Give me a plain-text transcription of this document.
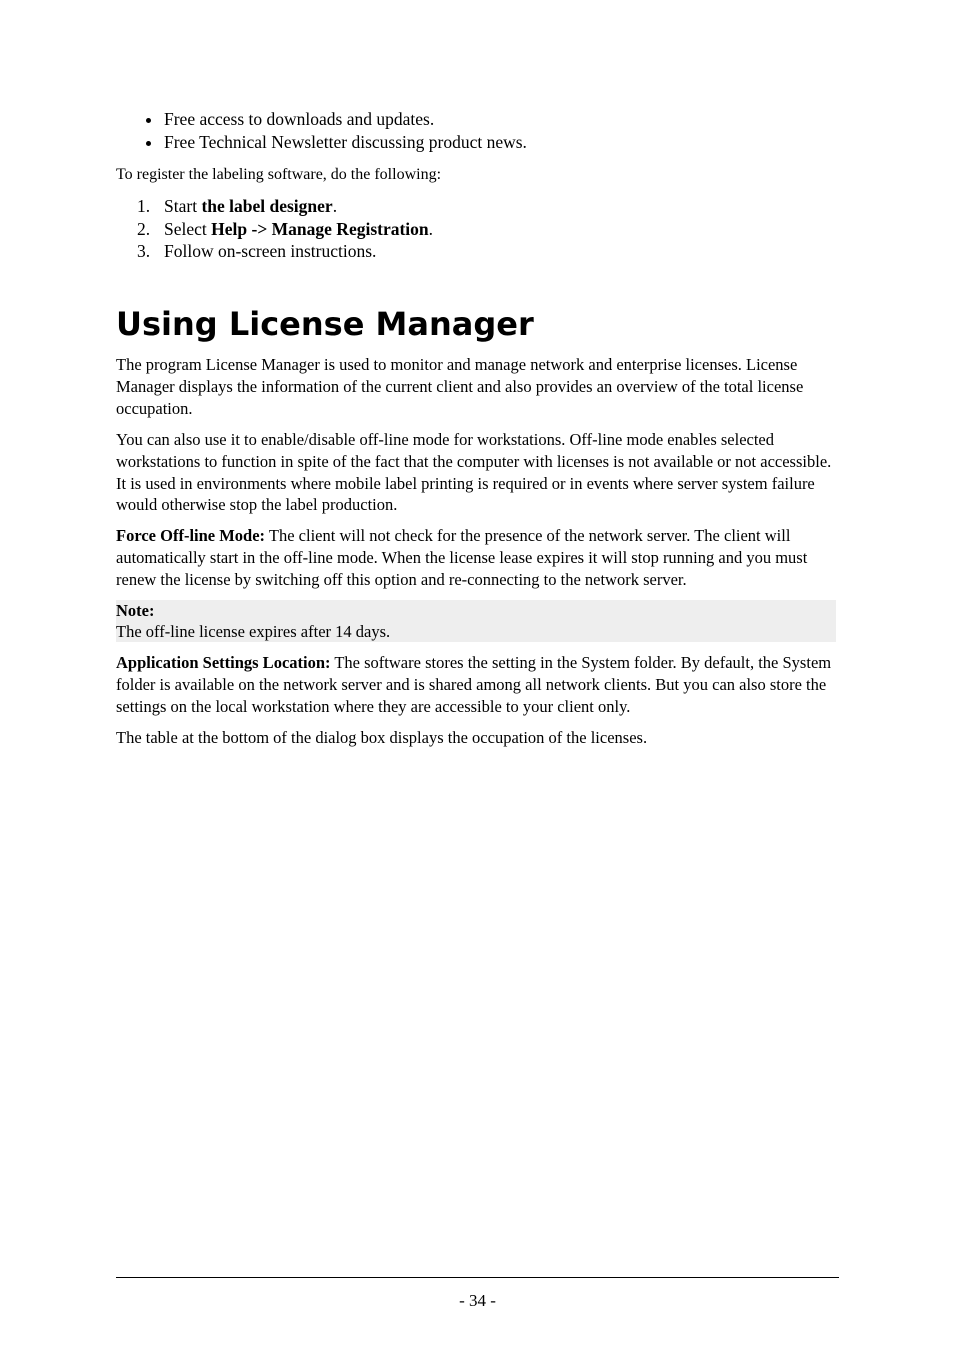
Free access to downloads and updates.
Free Technical Newsletter discussing product news.

To register the labeling software, do the following:

1. Start the label designer.
2. Select Help -> Manage Registration.
3. Follow on-screen instructions.
Using License Manager

The program License Manager is used to monitor and manage network and enterprise licenses. License Manager displays the information of the current client and also provides an overview of the total license occupation.

You can also use it to enable/disable off-line mode for workstations. Off-line mode enables selected workstations to function in spite of the fact that the computer with licenses is not available or not accessible. It is used in environments where mobile label printing is required or in events where server system failure would otherwise stop the label production.

Force Off-line Mode: The client will not check for the presence of the network server. The client will automatically start in the off-line mode. When the license lease expires it will stop running and you must renew the license by switching off this option and re-connecting to the network server.

Note:
The off-line license expires after 14 days.

Application Settings Location: The software stores the setting in the System folder. By default, the System folder is available on the network server and is shared among all network clients. But you can also store the settings on the local workstation where they are accessible to your client only.

The table at the bottom of the dialog box displays the occupation of the licenses.

- 34 -
